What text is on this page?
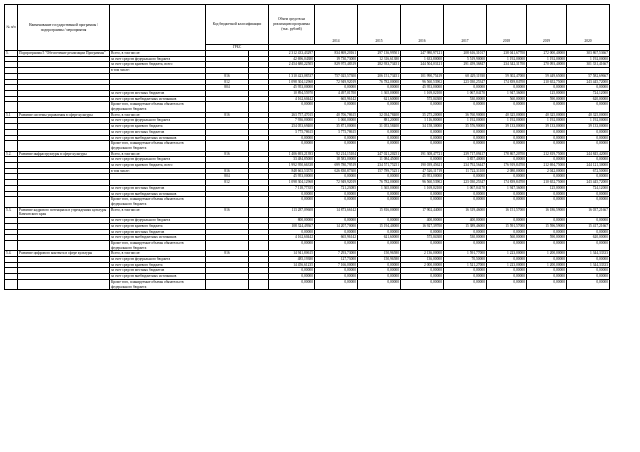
№ п/п	Наименование государственной программы / подпрограммы / мероприятия		Код бюджетной классификации		Объем средств на реализацию программы (тыс. рублей)	2014	2015	2016	2017	2018	2019	2020
			ГРБС									
5.	Подпрограмма 5 "Обеспечение реализации Программы"	Всего, в том числе:			2 312 433,43297	834 869,20161	297 136,99501	247 980,97121	208 616,31017	238 041,67700	272 000,40000	303 867,53667
		за счет средств федерального бюджета			42 696,04380	19 730,73000	12 316,61380	1 633,80000	5 519,90000	1 192,00000	1 192,00000	1 192,00000
		за счет средств краевого бюджета, всего			2 454 680,22505	829 975,48319	282 933,73451	244 504,03121	291 459,36847	234 342,31700	270 093,40000	301 331,41667
		в том числе:										
			816		1 310 423,08537	757 025,57300	206 151,73451	101 990,75419	68 429,11930	59 302,47000	59 449,65000	57 582,69667
			812		1 098 304,12968	72 949,92019	76 782,00000	96 560,53902	223 030,25347	174 839,84700	210 652,75000	243 445,72000
			804		45 953,00000	0,00000	0,00000	45 953,00000	0,00000	0,00000	0,00000	0,00000
		за счет средств местных бюджетов			10 894,55970	4 497,01700	1 365,00000	1 169,02100	1 067,04170	1 947,36000	125,00000	724,12000
		за счет средств внебюджетных источников			4 162,60442	665,96142	621,60000	575,04300	530,00000	560,00000	590,00000	620,00000
		Кроме того, планируемые объемы обязательств федерального бюджета			0,00000	0,00000	0,00000	0,00000	0,00000	0,00000	0,00000	0,00000
5.1	Развитие системы управления в сфере культуры	Всего, в том числе:	816		263 757,47015	40 706,78615	32 034,78400	35 275,20000	36 760,90000	40 325,00000	40 325,00000	40 325,00000
		за счет средств федерального бюджета			7 936,00000	1 060,00000	881,20000	1 116,80000	1 192,00000	1 192,00000	1 192,00000	1 192,00000
		за счет средств краевого бюджета			254 053,69400	35 871,00000	31 053,58400	34 158,30000	35 576,90000	39 133,00000	39 133,00000	39 133,00000
		за счет средств местных бюджетов			3 775,78615	3 775,78615	0,00000	0,00000	0,00000	0,00000	0,00000	0,00000
		за счет средств внебюджетных источников			0,00000	0,00000	0,00000	0,00000	0,00000	0,00000	0,00000	0,00000
		Кроме того, планируемые объемы обязательств федерального бюджета			0,00000	0,00000	0,00000	0,00000	0,00000	0,00000	0,00000	0,00000
5.2.	Развитие инфраструктуры в сфере культуры	Всего, в том числе:	816		1 406 693,21393	92 214,15104	247 021,20251	191 308,47721	239 717,09417	178 867,20700	212 819,75000	244 845,42000
		за счет средств федерального бюджета			33 484,85000	18 583,00000	11 084,45000	0,00000	3 857,40000	0,00000	0,00000	0,00000
		за счет средств краевого бюджета, всего			1 992 950,66338	699 780,79519	234 571,75251	190 039,45621	234 792,56447	176 919,84700	212 694,75000	244 121,30000
		в том числе:	816		848 663,53370	626 830,87300	157 789,75251	47 526,11719	11 722,31100	2 080,00000	2 042,00000	672,50000
			804		45 953,00000	0,00000	0,00000	45 953,00000	0,00000	0,00000	0,00000	0,00000
			812		1 098 304,12968	72 949,92019	76 782,00000	96 560,53902	223 030,25347	174 839,84700	210 652,75000	243 445,72000
		за счет средств местных бюджетов			7 118,77355	721,23085	1 365,00000	1 169,02100	1 067,04170	1 947,36000	125,00000	724,12000
		за счет средств внебюджетных источников			0,00000	0,00000	0,00000	0,00000	0,00000	0,00000	0,00000	0,00000
		Кроме того, планируемые объемы обязательств федерального бюджета			0,00000	0,00000	0,00000	0,00000	0,00000	0,00000	0,00000	0,00000
5.3.	Развитие кадрового потенциала в учреждениях культуры Камчатского края	Всего, в том числе:	816		113 287,09608	14 873,66142	15 816,00000	17 902,44000	16 319,46000	16 151,57000	16 186,59000	16 037,21667
		за счет средств федерального бюджета			800,00000	0,00000	0,00000	400,00000	400,00000	0,00000	0,00000	0,00000
		за счет средств краевого бюджета			108 324,49367	14 207,70000	15 194,40000	16 927,39700	15 389,46000	15 591,57000	15 596,59000	15 417,21667
		за счет средств местных бюджетов			0,00000	0,00000	0,00000	0,00000	0,00000	0,00000	0,00000	0,00000
		за счет средств внебюджетных источников			4 162,60442	665,96142	621,60000	575,04300	530,00000	560,00000	590,00000	620,00000
		Кроме того, планируемые объемы обязательств федерального бюджета			0,00000	0,00000	0,00000	0,00000	0,00000	0,00000	0,00000	0,00000
5.4.	Развитие цифрового контента в сфере культуры	Всего, в том числе:	816		14 941,80615	7 293,73000	150,96580	2 136,00000	1 591,77000	1 223,00000	1 200,00000	1 344,33333
		за счет средств федерального бюджета			485,19380	127,73000	150,96580	136,00000	70,50000	0,00000	0,00000	0,00000
		за счет средств краевого бюджета			14 456,61235	7 166,00000	0,00000	2 000,00000	1 521,27000	1 223,00000	1 200,00000	1 344,33333
		за счет средств местных бюджетов			0,00000	0,00000	0,00000	0,00000	0,00000	0,00000	0,00000	0,00000
		за счет средств внебюджетных источников			0,00000	0,00000	0,00000	0,00000	0,00000	0,00000	0,00000	0,00000
		Кроме того, планируемые объемы обязательств федерального бюджета			0,00000	0,00000	0,00000	0,00000	0,00000	0,00000	0,00000	0,00000
